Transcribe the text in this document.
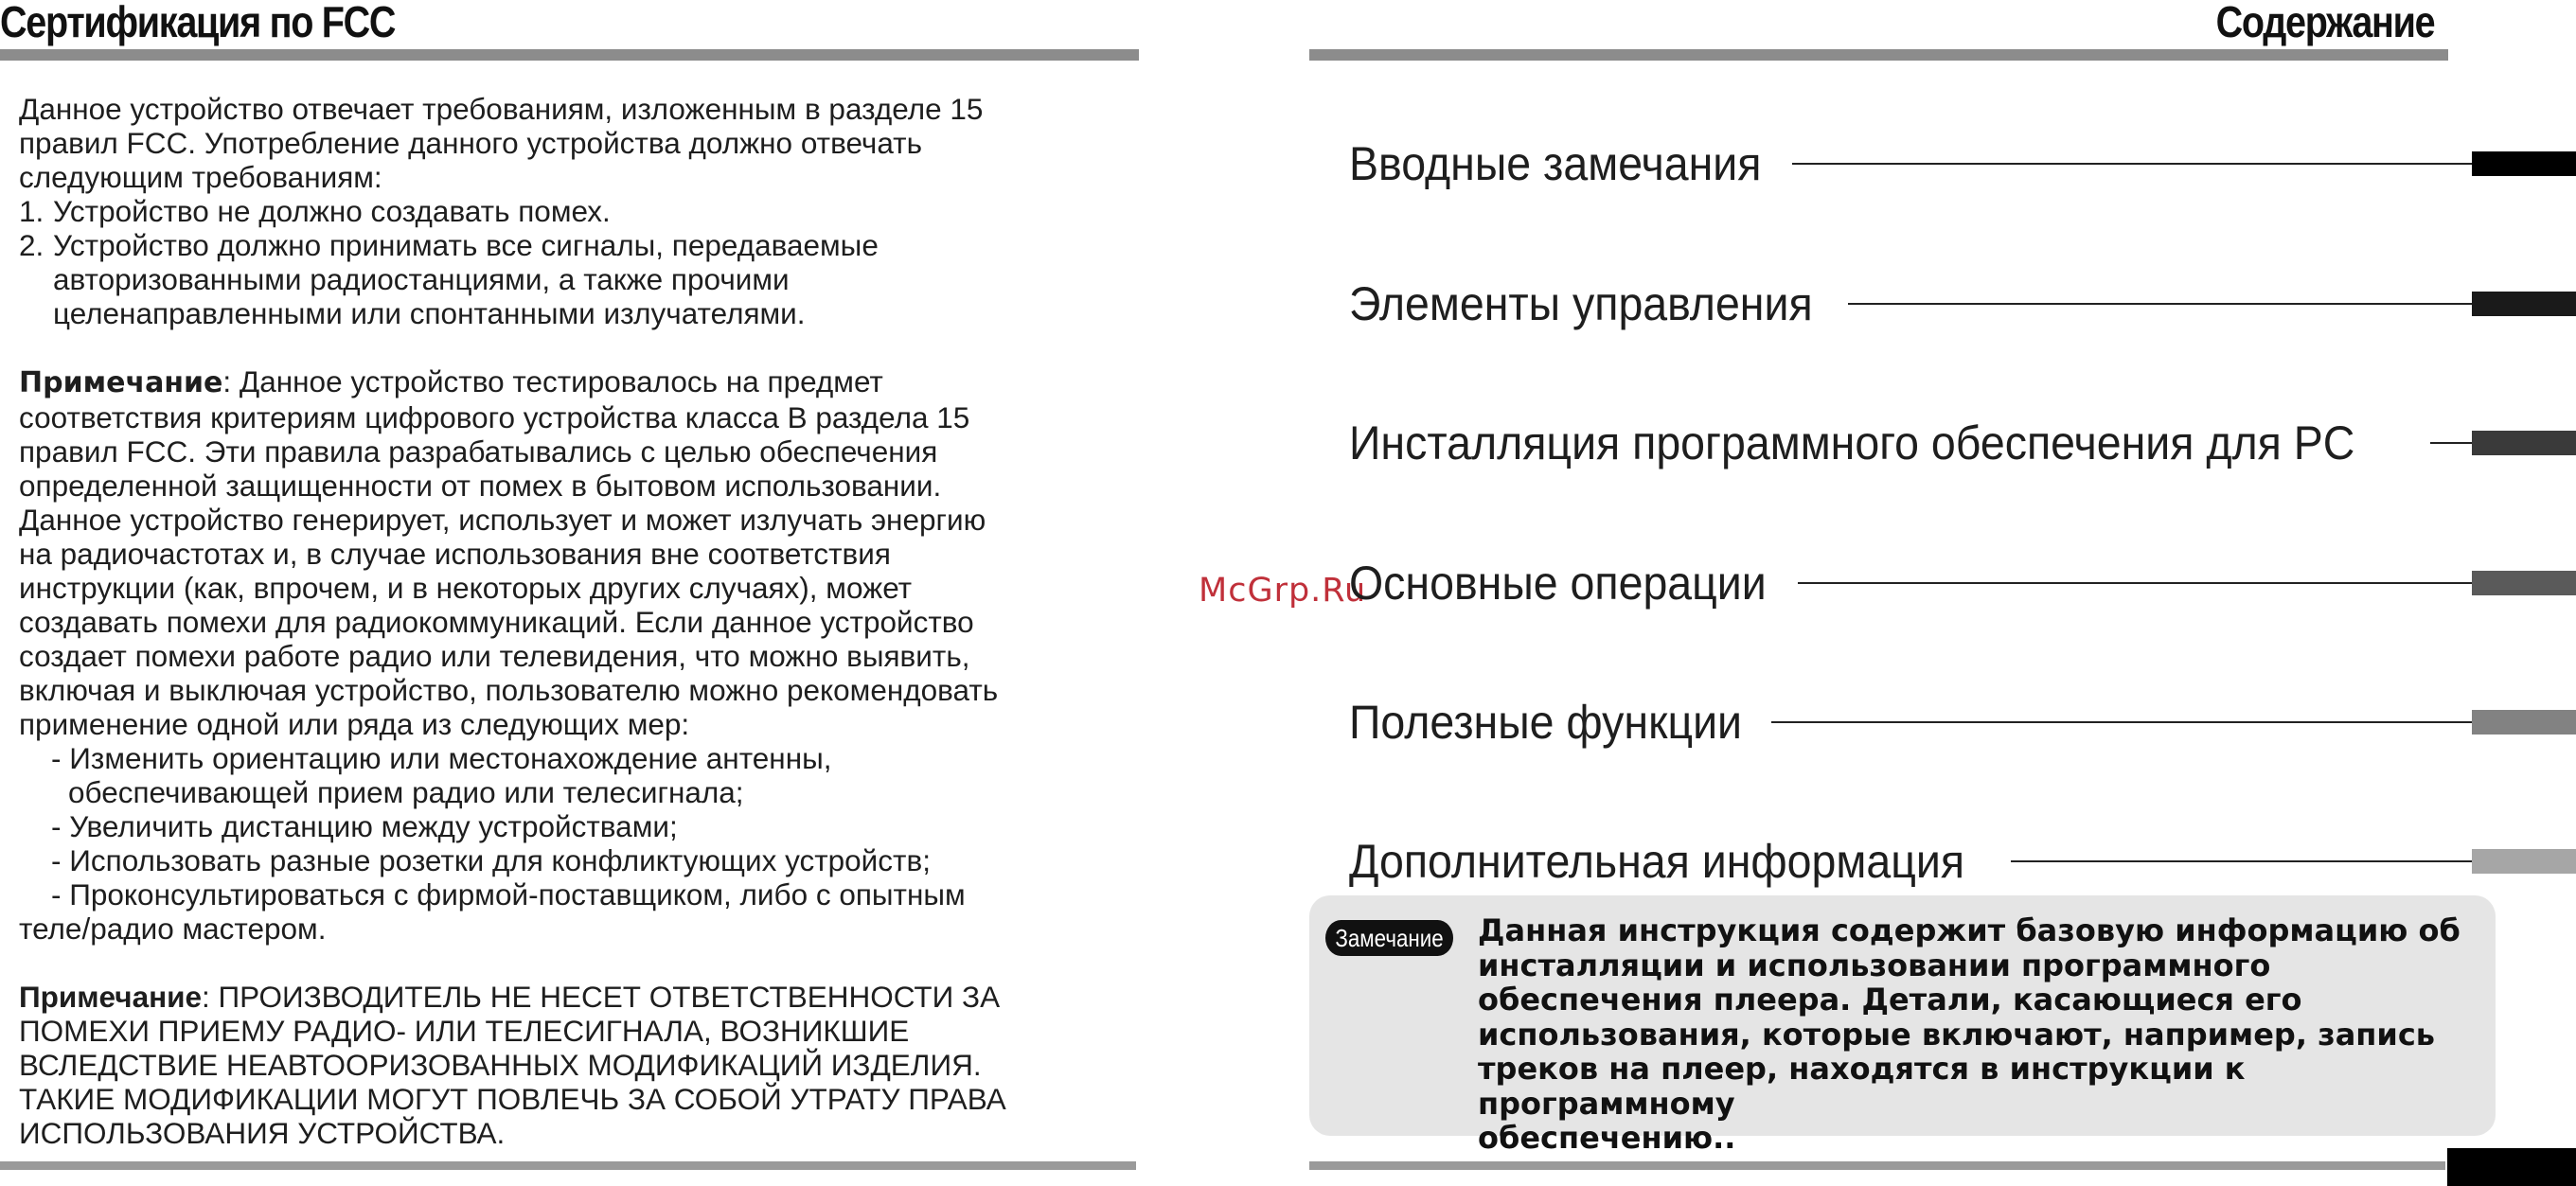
Сертификация по FCC

Данное устройство отвечает требованиям, изложенным в разделе 15

правил FCC. Употребление данного устройства должно отвечать

следующим требованиям:

1. Устройство не должно создавать помех.

2. Устройство должно принимать все сигналы, передаваемые

авторизованными радиостанциями, а также прочими

целенаправленными или спонтанными излучателями.

Примечание: Данное устройство тестировалось на предмет

соответствия критериям цифрового устройства класса B раздела 15

правил FCC. Эти правила разрабатывались с целью обеспечения

определенной защищенности от помех в бытовом использовании.

Данное устройство генерирует, использует и может излучать энергию

на радиочастотах и, в случае использования вне соответствия

инструкции (как, впрочем, и в некоторых других случаях), может

создавать помехи для радиокоммуникаций. Если данное устройство

создает помехи работе радио или телевидения, что можно выявить,

включая и выключая устройство, пользователю можно рекомендовать

применение одной или ряда из следующих мер:

- Изменить ориентацию или местонахождение антенны,

обеспечивающей прием радио или телесигнала;

- Увеличить дистанцию между устройствами;

- Использовать разные розетки для конфликтующих устройств;

- Проконсультироваться с фирмой-поставщиком, либо с опытным

теле/радио мастером.

Примечание: ПРОИЗВОДИТЕЛЬ НЕ НЕСЕТ ОТВЕТСТВЕННОСТИ ЗА

ПОМЕХИ ПРИЕМУ РАДИО- ИЛИ ТЕЛЕСИГНАЛА, ВОЗНИКШИЕ

ВСЛЕДСТВИЕ НЕАВТООРИЗОВАННЫХ МОДИФИКАЦИЙ ИЗДЕЛИЯ.

ТАКИЕ МОДИФИКАЦИИ МОГУТ ПОВЛЕЧЬ ЗА СОБОЙ УТРАТУ ПРАВА

ИСПОЛЬЗОВАНИЯ УСТРОЙСТВА.

McGrp.Ru
Содержание
Вводные замечания
Элементы управления
Инсталляция программного обеспечения для PC
Основные операции
Полезные функции
Дополнительная информация
Замечание	Данная инструкция содержит базовую информацию об
инсталляции и использовании программного
обеспечения плеера. Детали, касающиеся его
использования, которые включают, например, запись
треков на плеер, находятся в инструкции к программному
обеспечению..
